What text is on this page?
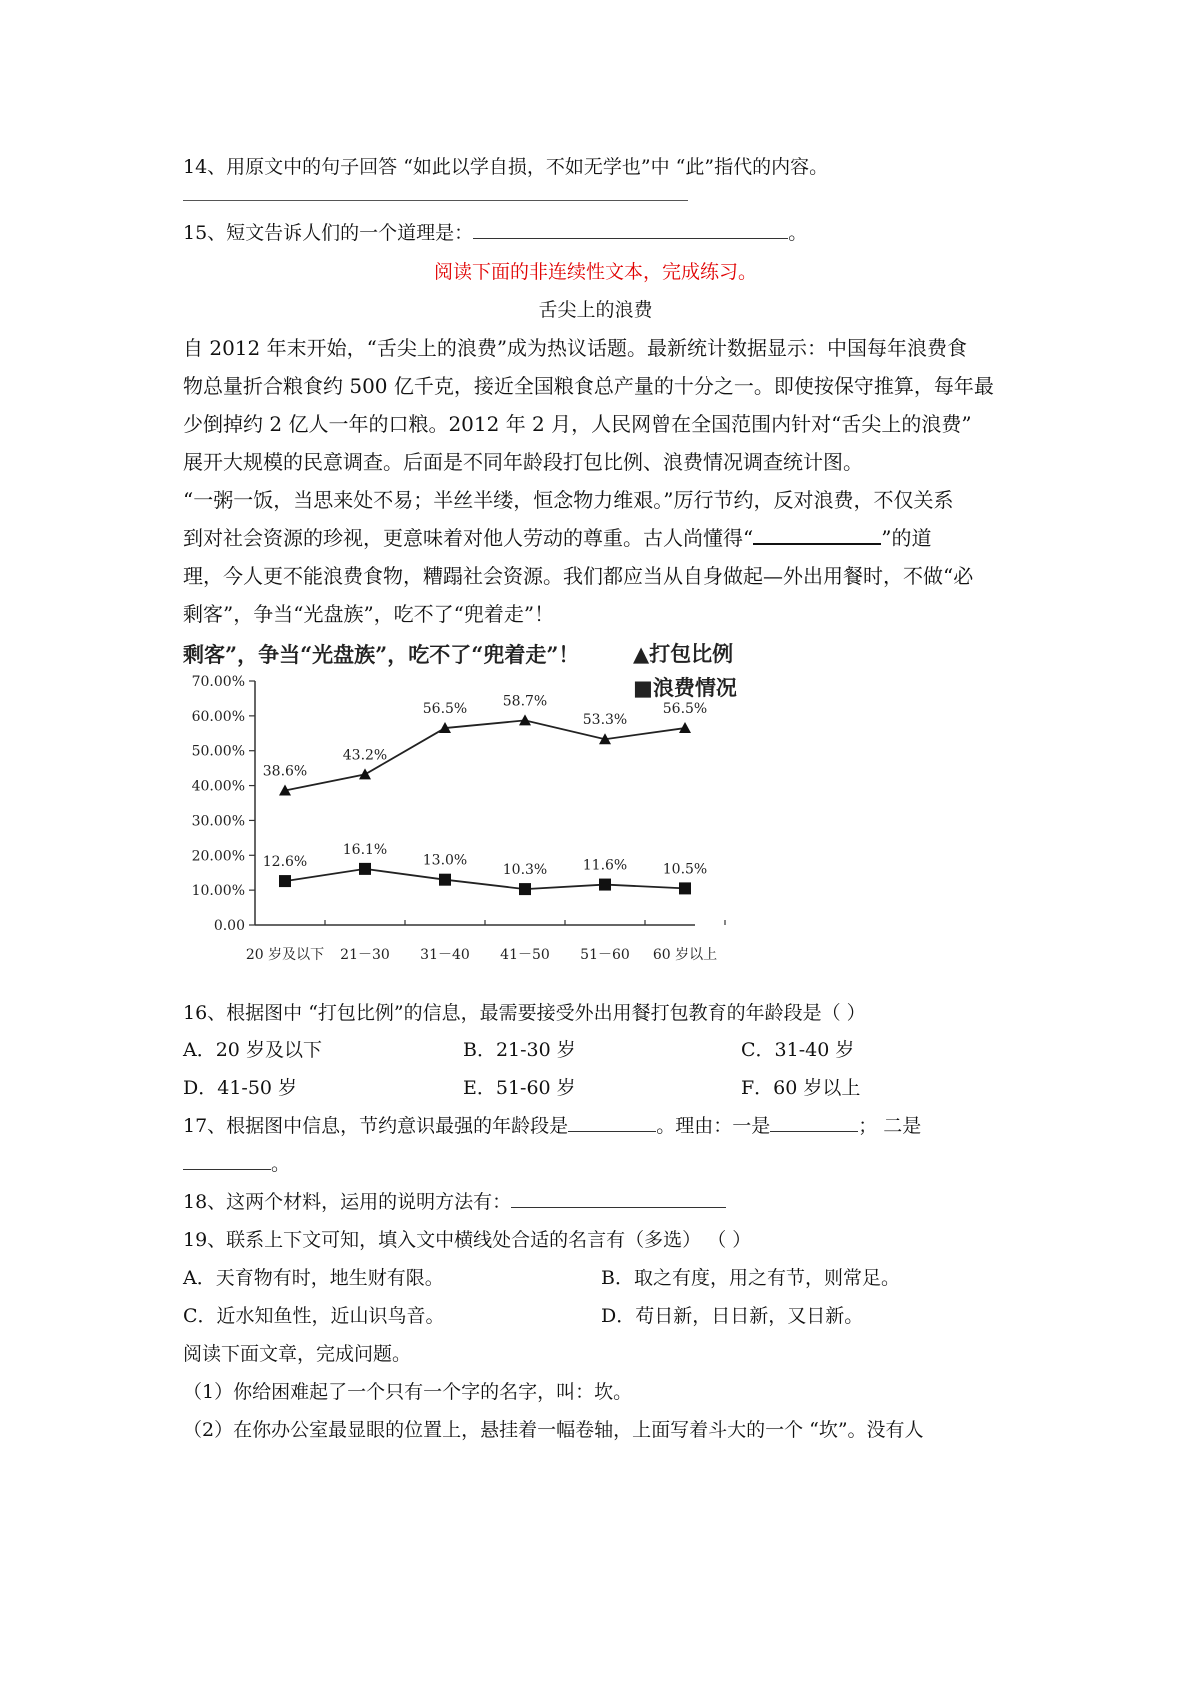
14、用原文中的句子回答 “如此以学自损，不如无学也”中 “此”指代的内容。
15、短文告诉人们的一个道理是：	。
阅读下面的非连续性文本，完成练习。
舌尖上的浪费
自 2012 年末开始，“舌尖上的浪费”成为热议话题。最新统计数据显示：中国每年浪费食
物总量折合粮食约 500 亿千克，接近全国粮食总产量的十分之一。即使按保守推算，每年最
少倒掉约 2 亿人一年的口粮。2012 年 2 月，人民网曾在全国范围内针对“舌尖上的浪费”
展开大规模的民意调查。后面是不同年龄段打包比例、浪费情况调查统计图。
“一粥一饭，当思来处不易；半丝半缕，恒念物力维艰。”厉行节约，反对浪费，不仅关系
到对社会资源的珍视，更意味着对他人劳动的尊重。古人尚懂得“	”的道
理，今人更不能浪费食物，糟蹋社会资源。我们都应当从自身做起—外出用餐时，不做“必
剩客”，争当“光盘族”，吃不了“兜着走”！
剩客”，争当“光盘族”，吃不了“兜着走”！	▲打包比例
■浪费情况
0.00
10.00%
20.00%
30.00%
40.00%
50.00%
60.00%
70.00%
20 岁及以下 21－30 31－40 41－50 51－60 60 岁以上
38.6%
43.2%
56.5%	58.7%
53.3%
56.5%
12.6%
16.1%
13.0%
10.3%	11.6%	10.5%
16、根据图中 “打包比例”的信息，最需要接受外出用餐打包教育的年龄段是（ ）
A．20 岁及以下	B．21-30 岁	C．31-40 岁
D．41-50 岁	E．51-60 岁	F．60 岁以上
17、根据图中信息，节约意识最强的年龄段是	。理由：一是	； 二是
。
18、这两个材料，运用的说明方法有：
19、联系上下文可知，填入文中横线处合适的名言有（多选） （ ）
A．天育物有时，地生财有限。	B．取之有度，用之有节，则常足。
C．近水知鱼性，近山识鸟音。	D．苟日新，日日新，又日新。
阅读下面文章，完成问题。
（1）你给困难起了一个只有一个字的名字，叫：坎。
（2）在你办公室最显眼的位置上，悬挂着一幅卷轴，上面写着斗大的一个 “坎”。没有人
